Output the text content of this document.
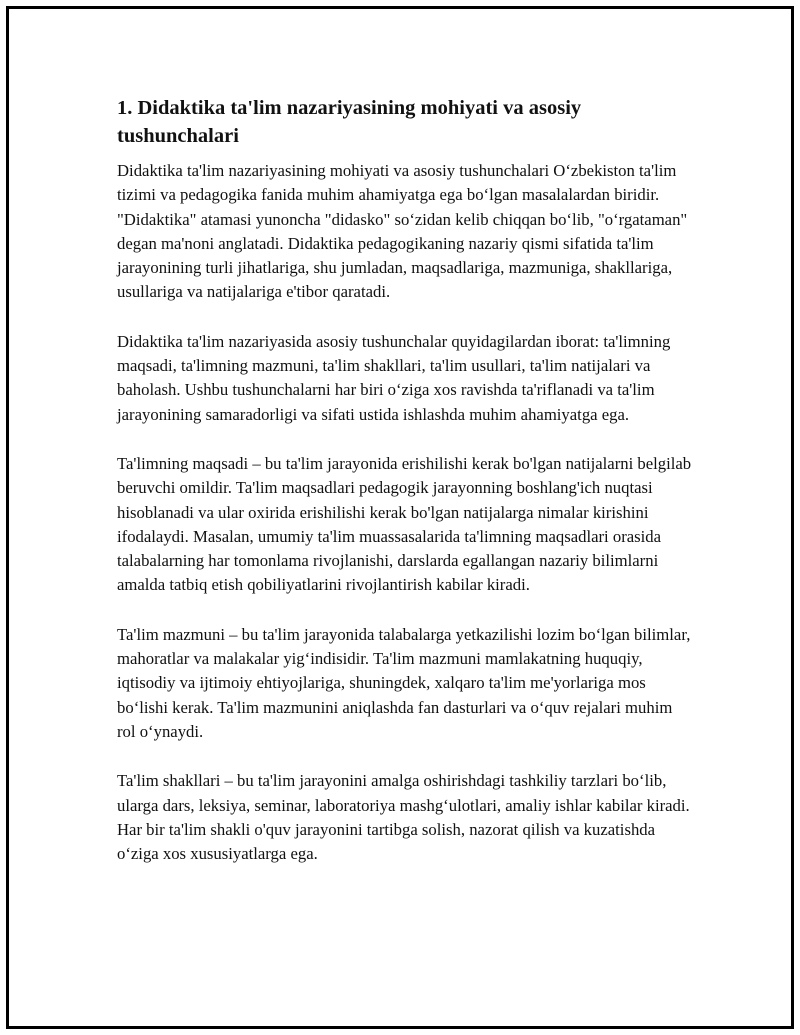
1. Didaktika ta'lim nazariyasining mohiyati va asosiy tushunchalari

Didaktika ta'lim nazariyasining mohiyati va asosiy tushunchalari O‘zbekiston ta'lim tizimi va pedagogika fanida muhim ahamiyatga ega bo‘lgan masalalardan biridir. "Didaktika" atamasi yunoncha "didasko" so‘zidan kelib chiqqan bo‘lib, "o‘rgatаman" degan ma'noni anglatadi. Didaktika pedagogikaning nazariy qismi sifatida ta'lim jarayonining turli jihatlariga, shu jumladan, maqsadlariga, mazmuniga, shakllariga, usullariga va natijalariga e'tibor qaratadi.

Didaktika ta'lim nazariyasida asosiy tushunchalar quyidagilardan iborat: ta'limning maqsadi, ta'limning mazmuni, ta'lim shakllari, ta'lim usullari, ta'lim natijalari va baholash. Ushbu tushunchalarni har biri o‘ziga xos ravishda ta'riflanadi va ta'lim jarayonining samaradorligi va sifati ustida ishlashda muhim ahamiyatga ega.

Ta'limning maqsadi – bu ta'lim jarayonida erishilishi kerak bo'lgan natijalarni belgilab beruvchi omildir. Ta'lim maqsadlari pedagogik jarayonning boshlang'ich nuqtasi hisoblanadi va ular oxirida erishilishi kerak bo'lgan natijalarga nimalar kirishini ifodalaydi. Masalan, umumiy ta'lim muassasalarida ta'limning maqsadlari orasida talabalarning har tomonlama rivojlanishi, darslarda egallangan nazariy bilimlarni amalda tatbiq etish qobiliyatlarini rivojlantirish kabilar kiradi.

Ta'lim mazmuni – bu ta'lim jarayonida talabalarga yetkazilishi lozim bo‘lgan bilimlar, mahoratlar va malakalar yig‘indisidir. Ta'lim mazmuni mamlakatning huquqiy, iqtisodiy va ijtimoiy ehtiyojlariga, shuningdek, xalqaro ta'lim me'yorlariga mos bo‘lishi kerak. Ta'lim mazmunini aniqlashda fan dasturlari va o‘quv rejalari muhim rol o‘ynaydi.

Ta'lim shakllari – bu ta'lim jarayonini amalga oshirishdagi tashkiliy tarzlari bo‘lib, ularga dars, leksiya, seminar, laboratoriya mashg‘ulotlari, amaliy ishlar kabilar kiradi. Har bir ta'lim shakli o'quv jarayonini tartibga solish, nazorat qilish va kuzatishda o‘ziga xos xususiyatlarga ega.
